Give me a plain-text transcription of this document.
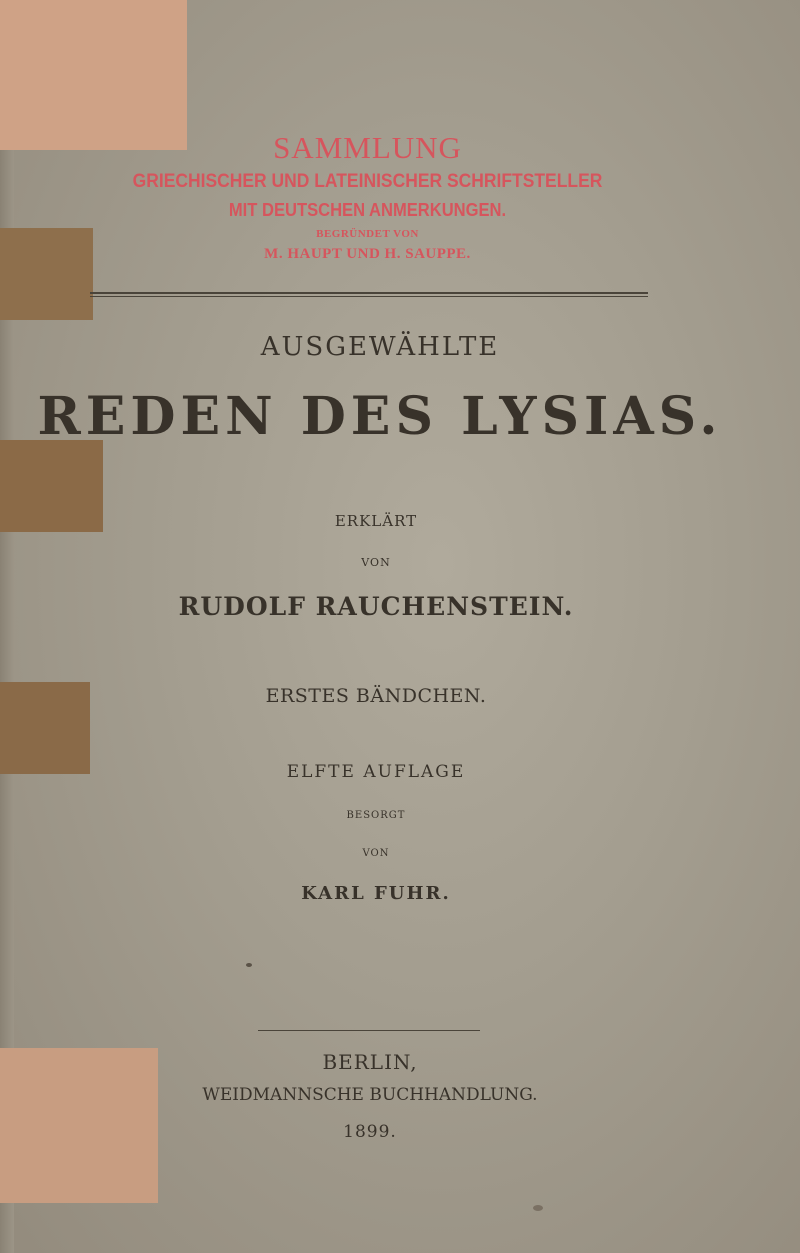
SAMMLUNG
GRIECHISCHER UND LATEINISCHER SCHRIFTSTELLER
MIT DEUTSCHEN ANMERKUNGEN.
BEGRÜNDET VON
M. HAUPT UND H. SAUPPE.
AUSGEWÄHLTE
REDEN DES LYSIAS.
ERKLÄRT
VON
RUDOLF RAUCHENSTEIN.
ERSTES BÄNDCHEN.
ELFTE AUFLAGE
BESORGT
VON
KARL FUHR.
BERLIN,
WEIDMANNSCHE BUCHHANDLUNG.
1899.
